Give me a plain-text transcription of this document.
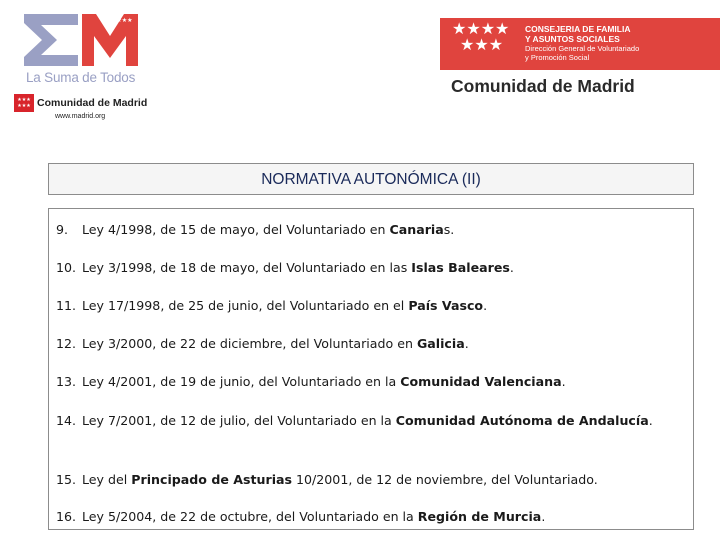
★★★★
La Suma de Todos
★★★
★★★ Comunidad de Madrid
www.madrid.org
★★★★
★★★
CONSEJERIA DE FAMILIA
Y ASUNTOS SOCIALES
Dirección General de Voluntariado
y Promoción Social
Comunidad de Madrid
NORMATIVA AUTONÓMICA (II)
9.	Ley 4/1998, de 15 de mayo, del Voluntariado en Canarias.
10. Ley 3/1998, de 18 de mayo, del Voluntariado en las Islas Baleares.
11. Ley 17/1998, de 25 de junio, del Voluntariado en el País Vasco.
12. Ley 3/2000, de 22 de diciembre, del Voluntariado en Galicia.
13. Ley 4/2001, de 19 de junio, del Voluntariado en la Comunidad Valenciana.
14. Ley 7/2001, de 12 de julio, del Voluntariado en la Comunidad Autónoma de Andalucía.
15. Ley del Principado de Asturias 10/2001, de 12 de noviembre, del Voluntariado.
16. Ley 5/2004, de 22 de octubre, del Voluntariado en la Región de Murcia.
